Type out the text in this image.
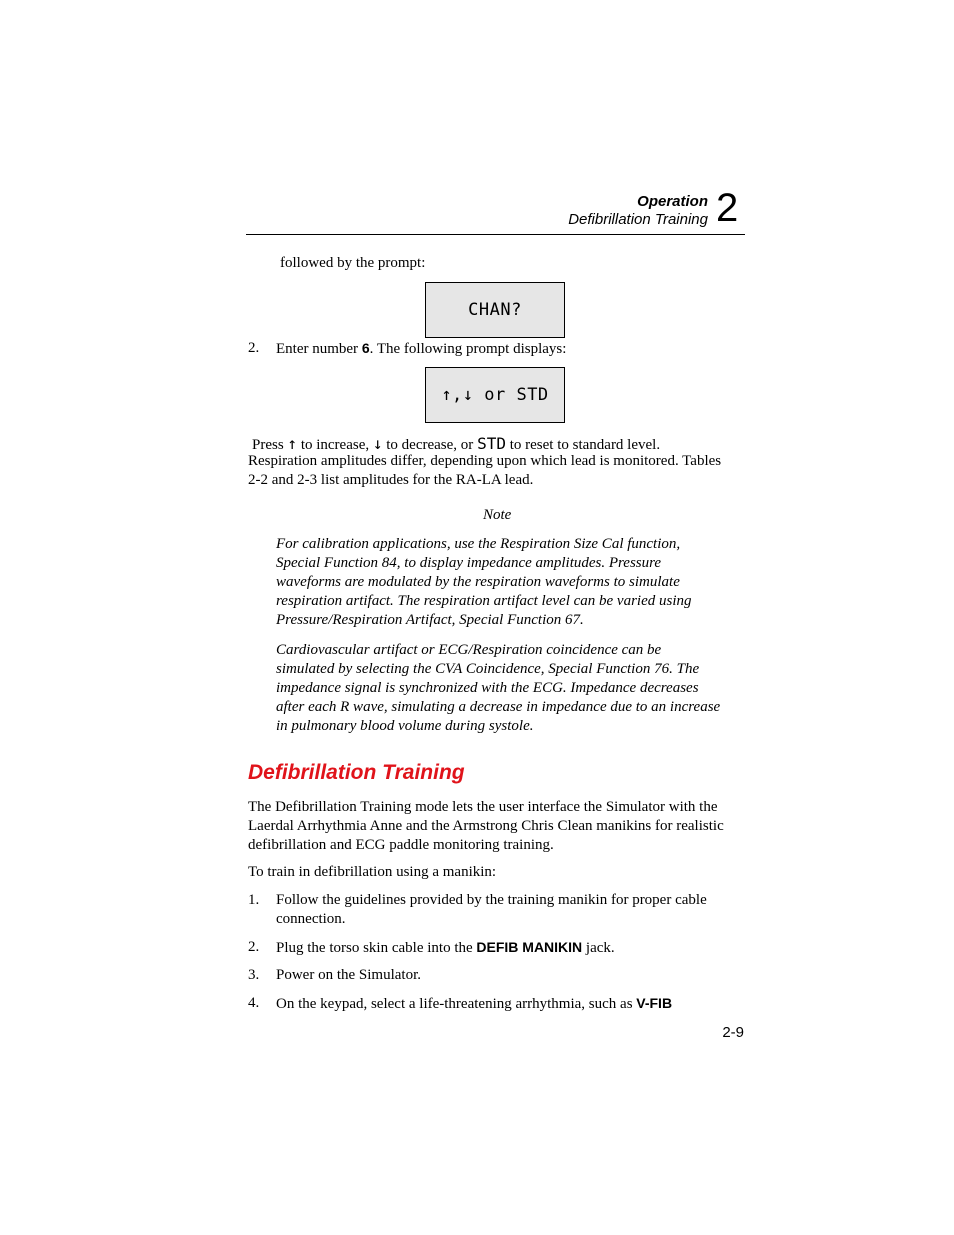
Operation
Defibrillation Training 2

followed by the prompt:

CHAN?
2. Enter number 6. The following prompt displays:
↑,↓ or STD

Press ↑ to increase, ↓ to decrease, or STD to reset to standard level.

Respiration amplitudes differ, depending upon which lead is monitored. Tables

2-2 and 2-3 list amplitudes for the RA-LA lead.

Note

For calibration applications, use the Respiration Size Cal function, Special Function 84, to display impedance amplitudes. Pressure waveforms are modulated by the respiration waveforms to simulate respiration artifact. The respiration artifact level can be varied using Pressure/Respiration Artifact, Special Function 67.

Cardiovascular artifact or ECG/Respiration coincidence can be simulated by selecting the CVA Coincidence, Special Function 76. The impedance signal is synchronized with the ECG. Impedance decreases after each R wave, simulating a decrease in impedance due to an increase in pulmonary blood volume during systole.

Defibrillation Training

The Defibrillation Training mode lets the user interface the Simulator with the Laerdal Arrhythmia Anne and the Armstrong Chris Clean manikins for realistic defibrillation and ECG paddle monitoring training.

To train in defibrillation using a manikin:

1. Follow the guidelines provided by the training manikin for proper cable connection.
2. Plug the torso skin cable into the DEFIB MANIKIN jack.
3. Power on the Simulator.
4. On the keypad, select a life-threatening arrhythmia, such as V-FIB
2-9
